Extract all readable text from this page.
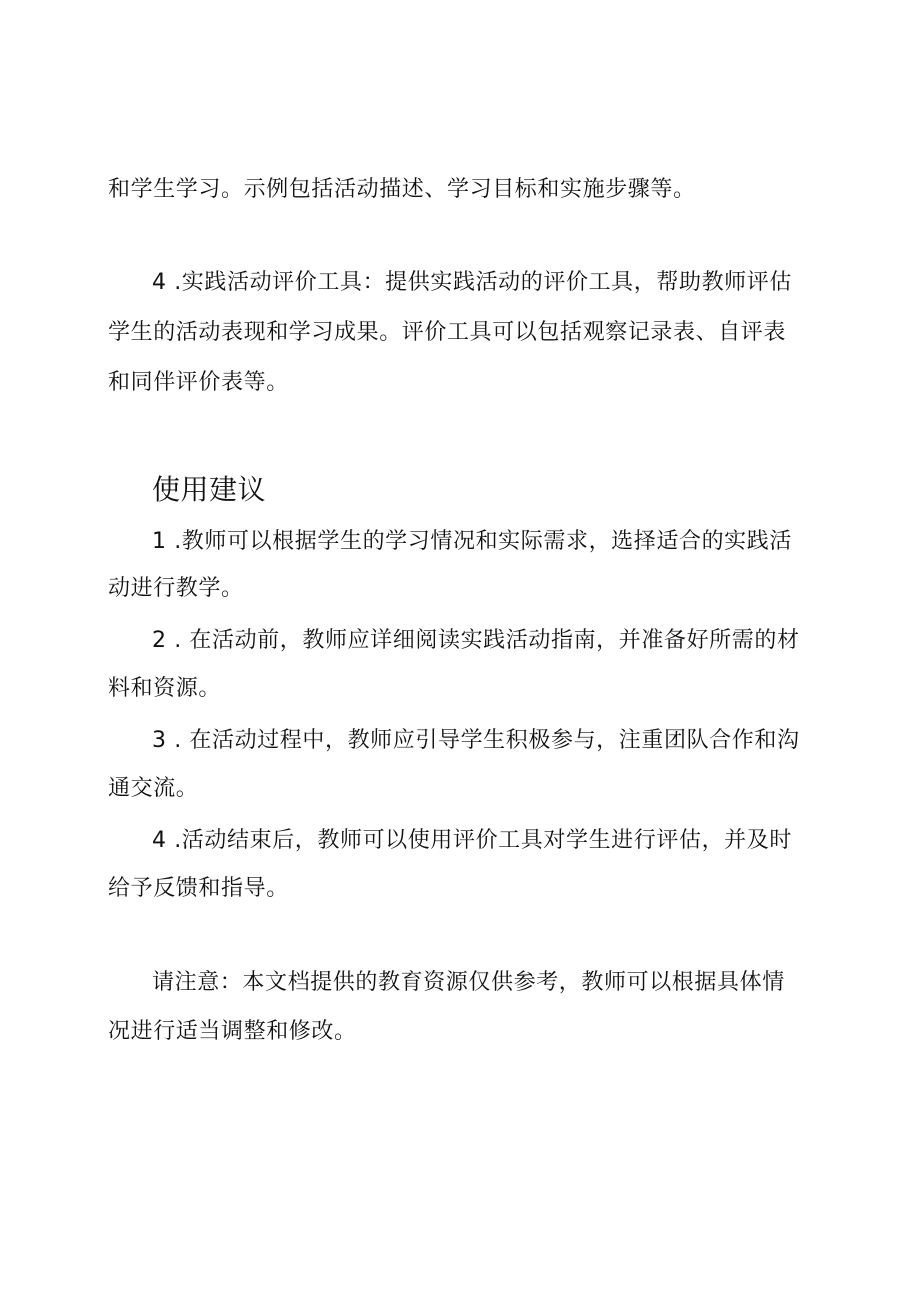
和学生学习。示例包括活动描述、学习目标和实施步骤等。
4 .实践活动评价工具：提供实践活动的评价工具，帮助教师评估
学生的活动表现和学习成果。评价工具可以包括观察记录表、自评表
和同伴评价表等。
使用建议
1 .教师可以根据学生的学习情况和实际需求，选择适合的实践活
动进行教学。
2 . 在活动前，教师应详细阅读实践活动指南，并准备好所需的材
料和资源。
3 . 在活动过程中，教师应引导学生积极参与，注重团队合作和沟
通交流。
4 .活动结束后，教师可以使用评价工具对学生进行评估，并及时
给予反馈和指导。
请注意：本文档提供的教育资源仅供参考，教师可以根据具体情
况进行适当调整和修改。
